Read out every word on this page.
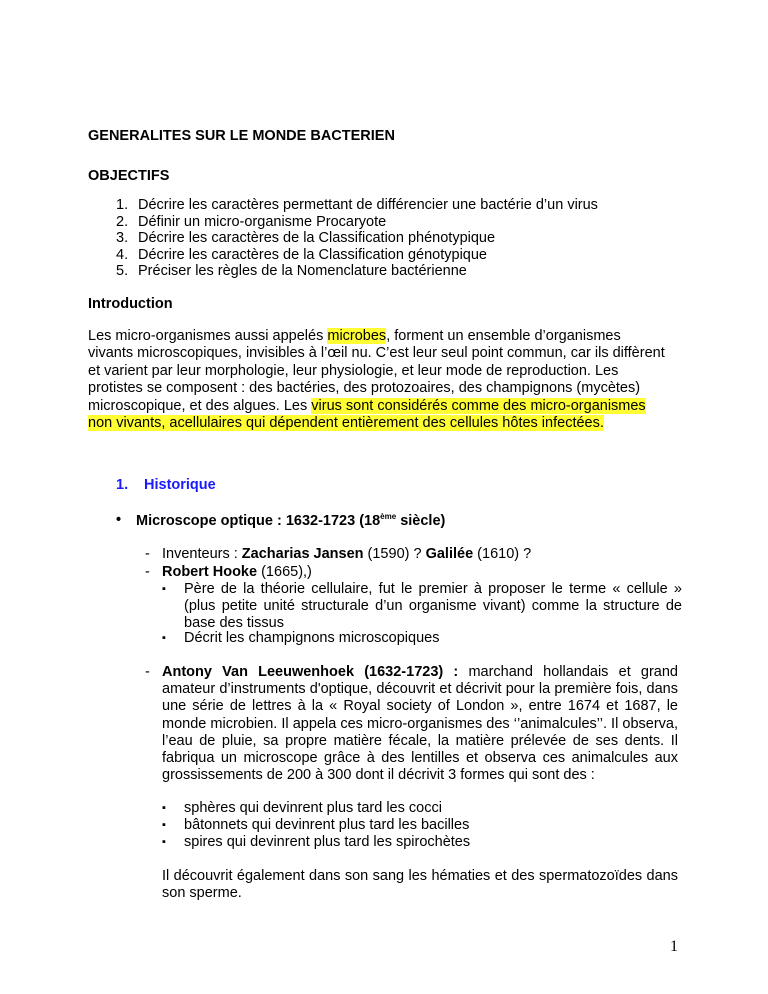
GENERALITES SUR LE MONDE BACTERIEN

OBJECTIFS

1. Décrire les caractères permettant de différencier une bactérie d’un virus
2. Définir un micro-organisme Procaryote
3. Décrire les caractères de la Classification phénotypique
4. Décrire les caractères de la Classification génotypique
5. Préciser les règles de la Nomenclature bactérienne

Introduction

Les micro-organismes aussi appelés microbes, forment un ensemble d’organismes vivants microscopiques, invisibles à l’œil nu. C’est leur seul point commun, car ils diffèrent et varient par leur morphologie, leur physiologie, et leur mode de reproduction. Les protistes se composent : des bactéries, des protozoaires, des champignons (mycètes) microscopique, et des algues. Les virus sont considérés comme des micro-organismes non vivants, acellulaires qui dépendent entièrement des cellules hôtes infectées.

1. Historique
•	Microscope optique : 1632-1723 (18ème siècle)
- Inventeurs : Zacharias Jansen (1590) ? Galilée (1610) ?
- Robert Hooke (1665),)
▪	Père de la théorie cellulaire, fut le premier à proposer le terme « cellule » (plus petite unité structurale d’un organisme vivant) comme la structure de base des tissus
▪	Décrit les champignons microscopiques
- Antony Van Leeuwenhoek (1632-1723) : marchand hollandais et grand amateur d’instruments d'optique, découvrit et décrivit pour la première fois, dans une série de lettres à la « Royal society of London », entre 1674 et 1687, le monde microbien. Il appela ces micro-organismes des ‘’animalcules’’. Il observa, l’eau de pluie, sa propre matière fécale, la matière prélevée de ses dents. Il fabriqua un microscope grâce à des lentilles et observa ces animalcules aux grossissements de 200 à 300 dont il décrivit 3 formes qui sont des :

▪	sphères qui devinrent plus tard les cocci
▪	bâtonnets qui devinrent plus tard les bacilles
▪	spires qui devinrent plus tard les spirochètes

Il découvrit également dans son sang les hématies et des spermatozoïdes dans son sperme.

1
